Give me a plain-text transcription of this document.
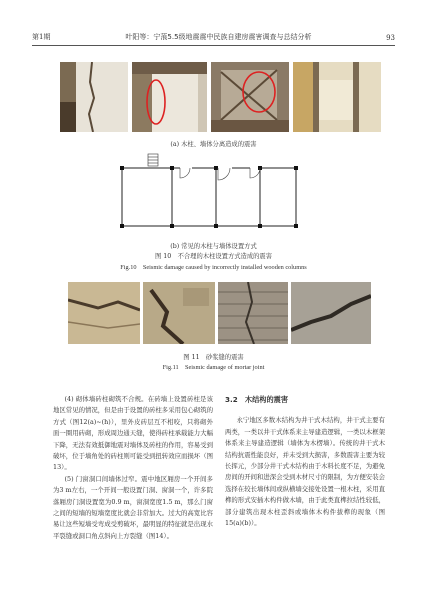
第1期	叶阳等：宁蒗5.5级地震震中民族自建房震害调查与总结分析	93
(a) 木柱、墙体分离造成的震害
(b) 常见的木柱与墙体设置方式
图 10　不合理的木柱设置方式造成的震害
Fig.10　Seismic damage caused by incorrectly installed wooden columns
图 11　砂浆缝的震害
Fig.11　Seismic damage of mortar joint

(4) 砌体墙砖柱砌筑不合规。在砖墙上设置砖柱是该地区常见的情况，但是由于设置的砖柱多采用包心砌筑的方式（图12(a)~(h)），里外皮砖层互不相咬，只将砌外面一圈用砖砌，形成周边通天缝，使得砖柱承载能力大幅下降，无法有效抵御地震对墙体及砖柱的作用，容易受到破坏，位于墙角处的砖柱则可能受到扭转效应而损坏（图13）。

(5) 门窗洞口间墙体过窄。震中地区厢房一个开间多为3 m左右，一个开间一般设置门洞、窗洞一个，许多院落厢房门洞设置宽为0.9 m，窗洞宽度1.5 m，那么门窗之间的短墙的短墙宽度比就会非常加大。过大的高宽比容易让这些短墙受弯成受剪破坏，最明显的特征就是出现水平裂缝或洞口角点斜向上方裂缝（图14）。

3.2　木结构的震害

永宁地区多数木结构为井干式木结构，井干式主要有两类，一类以井干式体系来主导建造逻辑，一类以木框架体系来主导建造逻辑（墙体为木楞墙）。传统的井干式木结构抗震性能良好，并未受到大损害，多数震害主要为较长挥元，少部分井干式木结构由于木料长度不足，为避免房间的开间和进深会受到木材尺寸的限制，为方便安装会选择在较长墙体间或纵横墙交接处设置一根木柱，采用直榫的形式安插木构件做木墙，由于此类直榫拉结性较低，部分建筑出现木柱歪斜或墙体木构件拔榫的现象（图15(a)(b)）。
